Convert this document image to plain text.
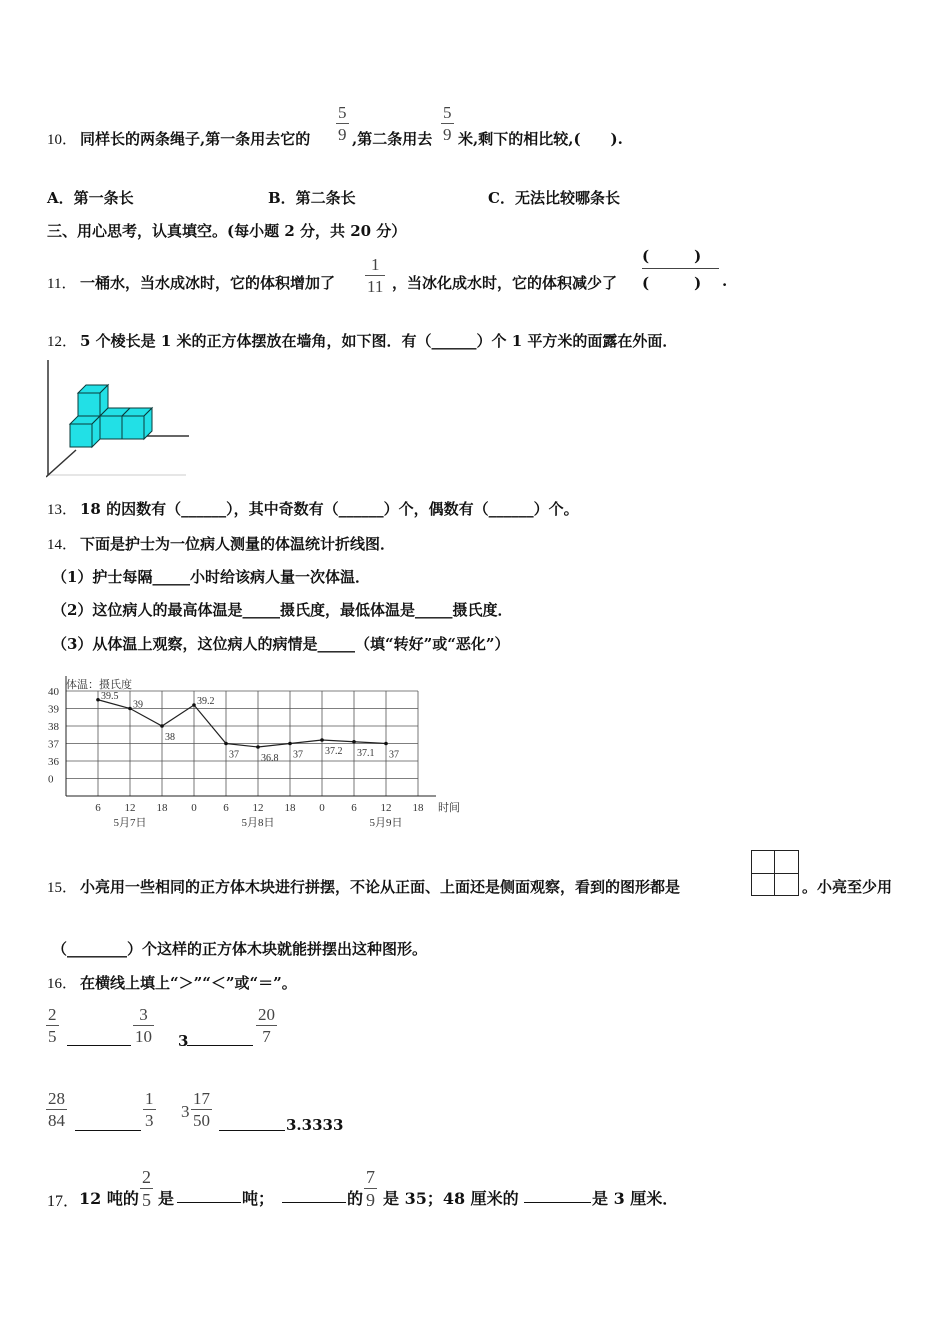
10． 同样长的两条绳子,第一条用去它的
5
9 ,第二条用去
5
9 米,剩下的相比较,(　　).
A．第一条长	B．第二条长	C．无法比较哪条长
三、用心思考，认真填空。(每小题 2 分，共 20 分）
11． 一桶水，当水成冰时，它的体积增加了
1
11 ，当冰化成水时，它的体积减少了
(　　　)
(　　　) .
12． 5 个棱长是 1 米的正方体摆放在墙角，如下图．有（______）个 1 平方米的面露在外面．
13． 18 的因数有（______），其中奇数有（______）个，偶数有（______）个。
14． 下面是护士为一位病人测量的体温统计折线图．
（1）护士每隔_____小时给该病人量一次体温．
（2）这位病人的最高体温是_____摄氏度，最低体温是_____摄氏度．
（3）从体温上观察，这位病人的病情是_____（填“转好”或“恶化”）
体温：摄氏度
时间
40
39
38
37
36
0
6 12 18 0 6 12 18 0 6 12 18
5月7日	5月8日	5月9日
39.5
39
38
39.2
37 36.8 37 37.2 37.1 37
15． 小亮用一些相同的正方体木块进行拼摆，不论从正面、上面还是侧面观察，看到的图形都是	。小亮至少用
（________）个这样的正方体木块就能拼摆出这种图形。
16． 在横线上填上“＞”“＜”或“＝”。
2
5
3
10 3
20
7
28
84
1
3 3
17
50	3.3333
17． 12 吨的
2
5 是	吨；	的
7
9 是 35；48 厘米的	是 3 厘米．
